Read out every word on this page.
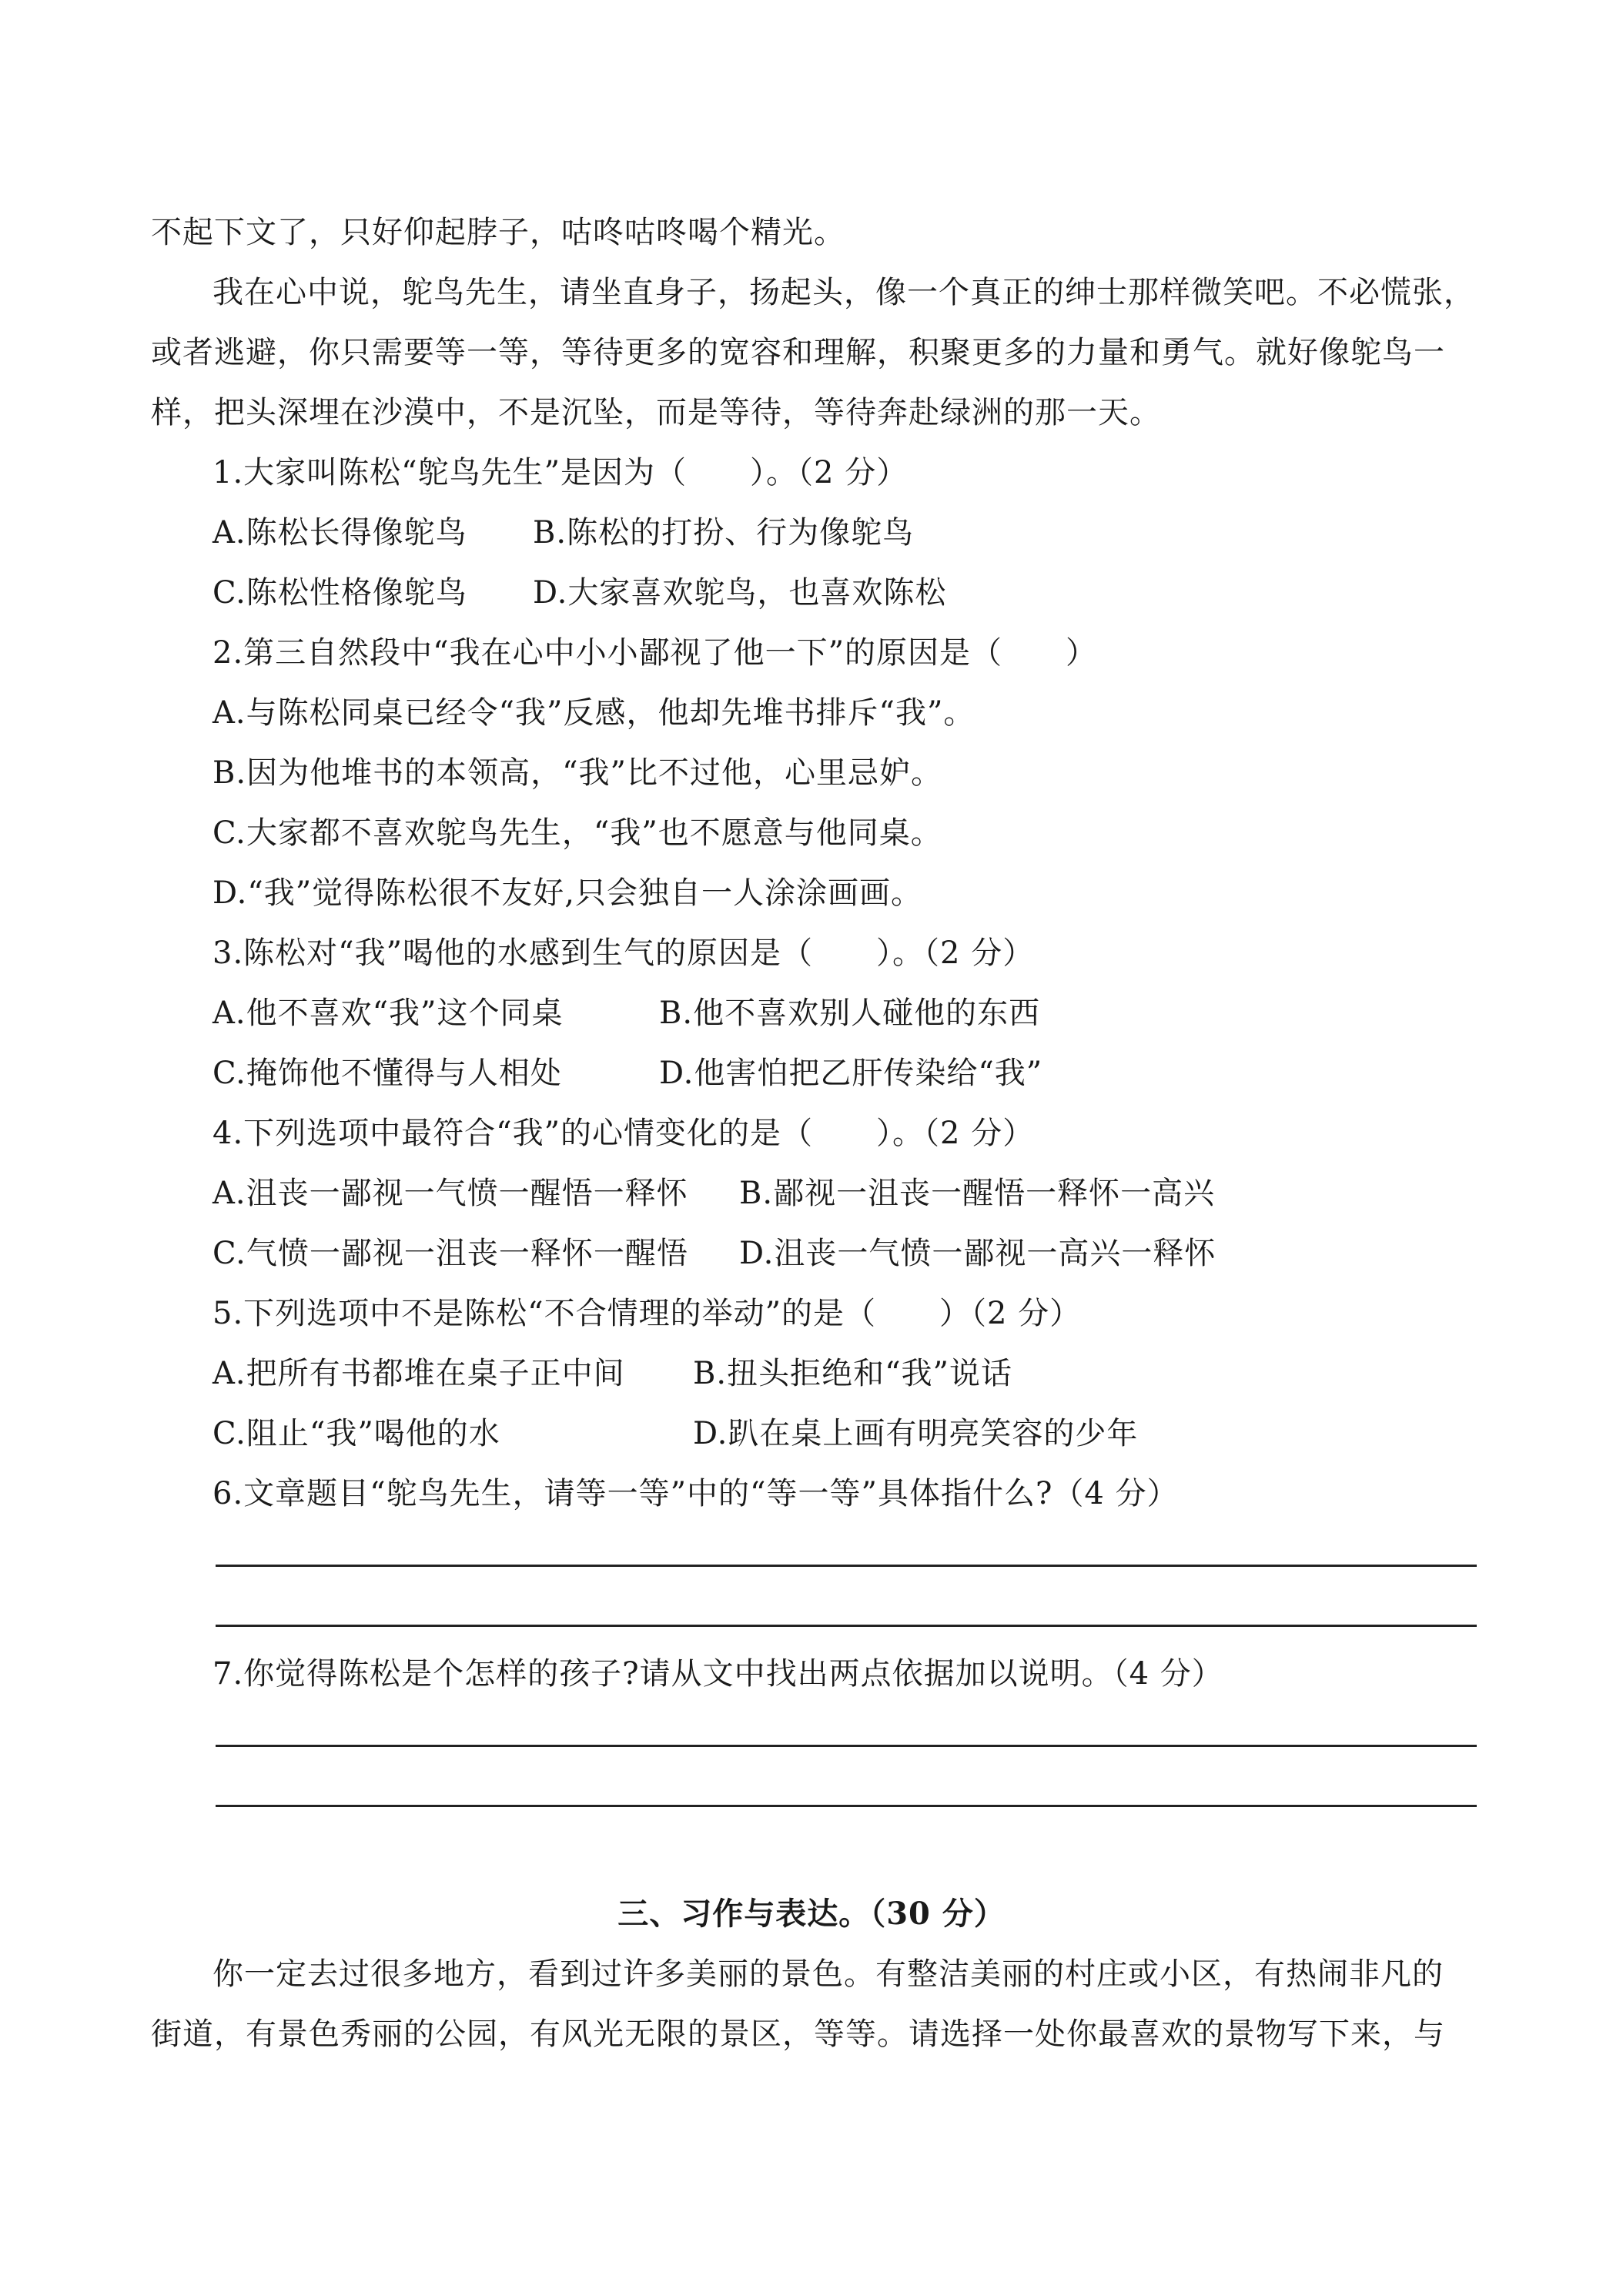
不起下文了，只好仰起脖子，咕咚咕咚喝个精光。
我在心中说，鸵鸟先生，请坐直身子，扬起头，像一个真正的绅士那样微笑吧。不必慌张，
或者逃避，你只需要等一等，等待更多的宽容和理解，积聚更多的力量和勇气。就好像鸵鸟一
样，把头深埋在沙漠中，不是沉坠，而是等待，等待奔赴绿洲的那一天。
1.大家叫陈松“鸵鸟先生”是因为（　　）。（2 分）
A.陈松长得像鸵鸟 B.陈松的打扮、行为像鸵鸟
C.陈松性格像鸵鸟 D.大家喜欢鸵鸟，也喜欢陈松
2.第三自然段中“我在心中小小鄙视了他一下”的原因是（　　）
A.与陈松同桌已经令“我”反感，他却先堆书排斥“我”。
B.因为他堆书的本领高，“我”比不过他，心里忌妒。
C.大家都不喜欢鸵鸟先生，“我”也不愿意与他同桌。
D.“我”觉得陈松很不友好,只会独自一人涂涂画画。
3.陈松对“我”喝他的水感到生气的原因是（　　）。（2 分）
A.他不喜欢“我”这个同桌	B.他不喜欢别人碰他的东西
C.掩饰他不懂得与人相处	D.他害怕把乙肝传染给“我”
4.下列选项中最符合“我”的心情变化的是（　　）。（2 分）
A.沮丧一鄙视一气愤一醒悟一释怀 B.鄙视一沮丧一醒悟一释怀一高兴
C.气愤一鄙视一沮丧一释怀一醒悟 D.沮丧一气愤一鄙视一高兴一释怀
5.下列选项中不是陈松“不合情理的举动”的是（　　）（2 分）
A.把所有书都堆在桌子正中间 B.扭头拒绝和“我”说话
C.阻止“我”喝他的水	D.趴在桌上画有明亮笑容的少年
6.文章题目“鸵鸟先生，请等一等”中的“等一等”具体指什么?（4 分）
7.你觉得陈松是个怎样的孩子?请从文中找出两点依据加以说明。（4 分）
三、习作与表达。（30 分）
你一定去过很多地方，看到过许多美丽的景色。有整洁美丽的村庄或小区，有热闹非凡的
街道，有景色秀丽的公园，有风光无限的景区，等等。请选择一处你最喜欢的景物写下来，与
